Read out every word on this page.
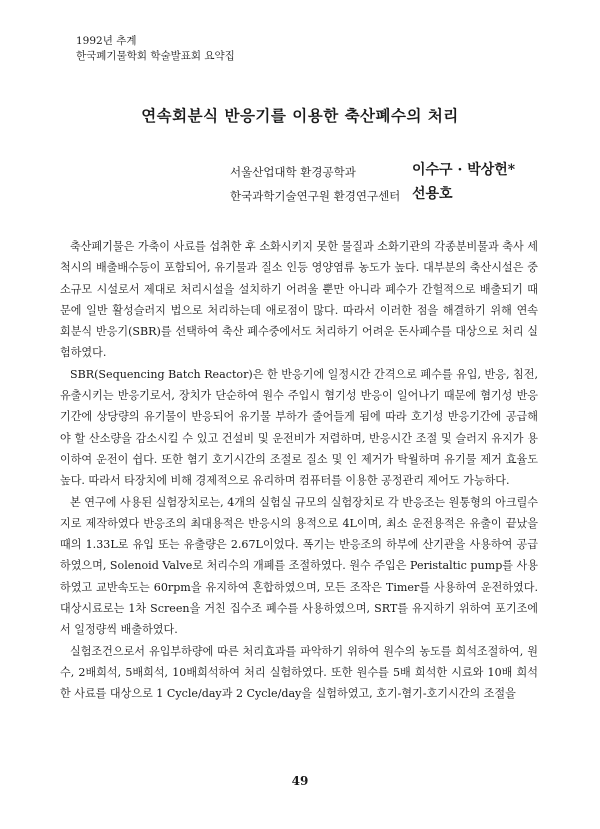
1992년 추계
한국폐기물학회 학술발표회 요약집
연속회분식 반응기를 이용한 축산폐수의 처리
서울산업대학 환경공학과
한국과학기술연구원 환경연구센터
이수구 · 박상헌*
선용호

축산폐기물은 가축이 사료를 섭취한 후 소화시키지 못한 물질과 소화기관의 각종분비물과 축사 세척시의 배출배수등이 포함되어, 유기물과 질소 인등 영양염류 농도가 높다. 대부분의 축산시설은 중소규모 시설로서 제대로 처리시설을 설치하기 어려울 뿐만 아니라 폐수가 간헐적으로 배출되기 때문에 일반 활성슬러지 법으로 처리하는데 애로점이 많다. 따라서 이러한 점을 해결하기 위해 연속 회분식 반응기(SBR)를 선택하여 축산 폐수중에서도 처리하기 어려운 돈사폐수를 대상으로 처리 실험하였다.

SBR(Sequencing Batch Reactor)은 한 반응기에 일정시간 간격으로 폐수를 유입, 반응, 침전, 유출시키는 반응기로서, 장치가 단순하여 원수 주입시 혐기성 반응이 일어나기 때문에 혐기성 반응기간에 상당량의 유기물이 반응되어 유기물 부하가 줄어들게 됨에 따라 호기성 반응기간에 공급해야 할 산소량을 감소시킬 수 있고 건설비 및 운전비가 저렴하며, 반응시간 조절 및 슬러지 유지가 용이하여 운전이 쉽다. 또한 혐기 호기시간의 조절로 질소 및 인 제거가 탁월하며 유기물 제거 효율도 높다. 따라서 타장치에 비해 경제적으로 유리하며 컴퓨터를 이용한 공정관리 제어도 가능하다.

본 연구에 사용된 실험장치로는, 4개의 실험실 규모의 실험장치로 각 반응조는 원통형의 아크릴수지로 제작하였다 반응조의 최대용적은 반응시의 용적으로 4L이며, 최소 운전용적은 유출이 끝났을때의 1.33L로 유입 또는 유출량은 2.67L이었다. 폭기는 반응조의 하부에 산기관을 사용하여 공급하였으며, Solenoid Valve로 처리수의 개폐를 조절하였다. 원수 주입은 Peristaltic pump를 사용하였고 교반속도는 60rpm을 유지하여 혼합하였으며, 모든 조작은 Timer를 사용하여 운전하였다. 대상시료로는 1차 Screen을 거친 집수조 폐수를 사용하였으며, SRT를 유지하기 위하여 포기조에서 일정량씩 배출하였다.

실험조건으로서 유입부하량에 따른 처리효과를 파악하기 위하여 원수의 농도를 희석조절하여, 원수, 2배희석, 5배희석, 10배희석하여 처리 실험하였다. 또한 원수를 5배 희석한 시료와 10배 희석한 사료를 대상으로 1 Cycle/day과 2 Cycle/day을 실험하였고, 호기-혐기-호기시간의 조절을

49
